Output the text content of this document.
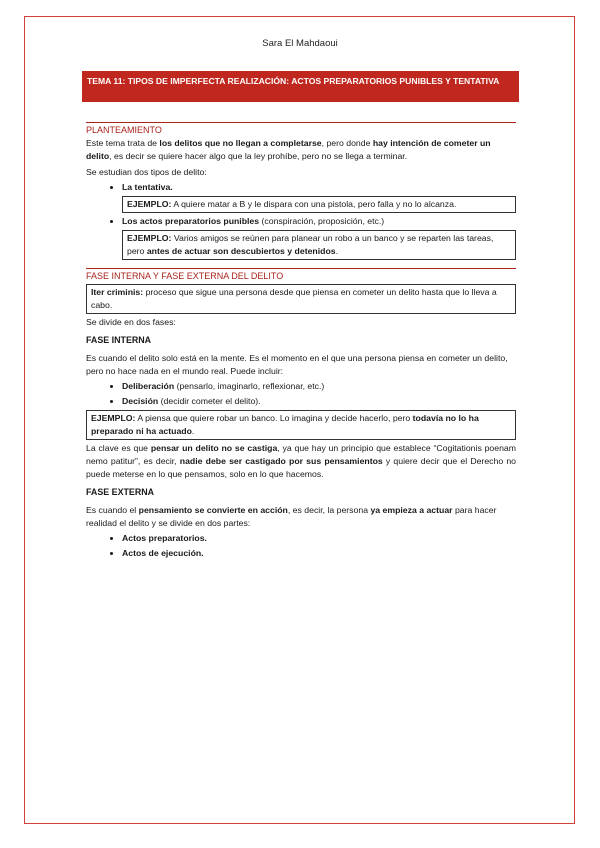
Sara El Mahdaoui
TEMA 11: TIPOS DE IMPERFECTA REALIZACIÓN: ACTOS PREPARATORIOS PUNIBLES Y TENTATIVA
PLANTEAMIENTO

Este tema trata de los delitos que no llegan a completarse, pero donde hay intención de cometer un delito, es decir se quiere hacer algo que la ley prohíbe, pero no se llega a terminar.

Se estudian dos tipos de delito:

• La tentativa.
EJEMPLO: A quiere matar a B y le dispara con una pistola, pero falla y no lo alcanza.
• Los actos preparatorios punibles (conspiración, proposición, etc.)
EJEMPLO: Varios amigos se reúnen para planear un robo a un banco y se reparten las tareas, pero antes de actuar son descubiertos y detenidos.
FASE INTERNA Y FASE EXTERNA DEL DELITO
Iter criminis: proceso que sigue una persona desde que piensa en cometer un delito hasta que lo lleva a cabo.

Se divide en dos fases:

FASE INTERNA

Es cuando el delito solo está en la mente. Es el momento en el que una persona piensa en cometer un delito, pero no hace nada en el mundo real. Puede incluir:

• Deliberación (pensarlo, imaginarlo, reflexionar, etc.)
• Decisión (decidir cometer el delito).
EJEMPLO: A piensa que quiere robar un banco. Lo imagina y decide hacerlo, pero todavía no lo ha preparado ni ha actuado.

La clave es que pensar un delito no se castiga, ya que hay un principio que establece “Cogitationis poenam nemo patitur”, es decir, nadie debe ser castigado por sus pensamientos y quiere decir que el Derecho no puede meterse en lo que pensamos, solo en lo que hacemos.

FASE EXTERNA

Es cuando el pensamiento se convierte en acción, es decir, la persona ya empieza a actuar para hacer realidad el delito y se divide en dos partes:

• Actos preparatorios.
• Actos de ejecución.
